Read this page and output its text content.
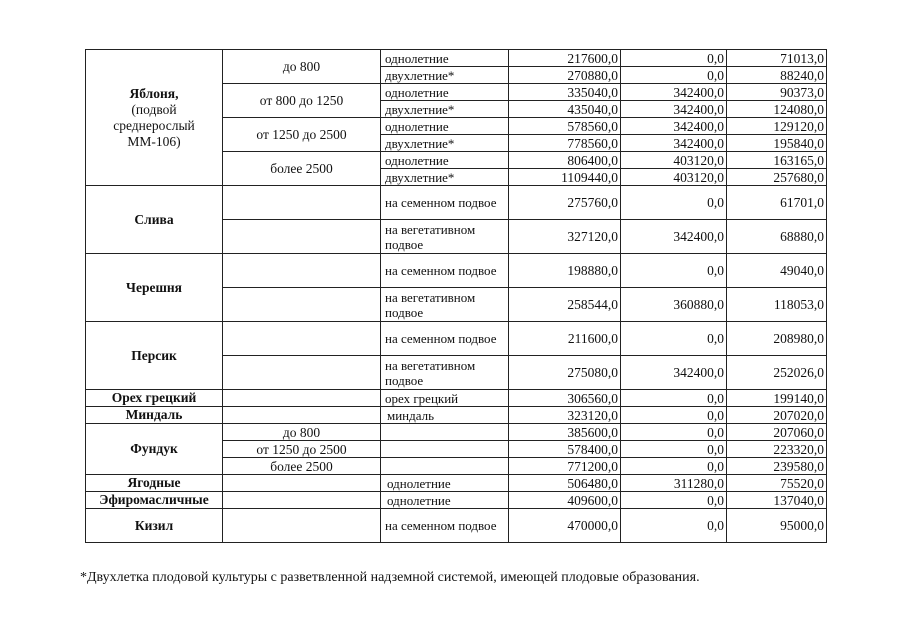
Яблоня,
(подвой
среднерослый
ММ-106)	до 800	однолетние	217600,0	0,0	71013,0
		двухлетние*	270880,0	0,0	88240,0
	от 800 до 1250	однолетние	335040,0	342400,0	90373,0
		двухлетние*	435040,0	342400,0	124080,0
	от 1250 до 2500	однолетние	578560,0	342400,0	129120,0
		двухлетние*	778560,0	342400,0	195840,0
	более 2500	однолетние	806400,0	403120,0	163165,0
		двухлетние*	1109440,0	403120,0	257680,0
Слива		на семенном подвое	275760,0	0,0	61701,0
		на вегетативном подвое	327120,0	342400,0	68880,0
Черешня		на семенном подвое	198880,0	0,0	49040,0
		на вегетативном подвое	258544,0	360880,0	118053,0
Персик		на семенном подвое	211600,0	0,0	208980,0
		на вегетативном подвое	275080,0	342400,0	252026,0
Орех грецкий		орех грецкий	306560,0	0,0	199140,0
Миндаль		миндаль	323120,0	0,0	207020,0
Фундук	до 800		385600,0	0,0	207060,0
	от 1250 до 2500		578400,0	0,0	223320,0
	более 2500		771200,0	0,0	239580,0
Ягодные		однолетние	506480,0	311280,0	75520,0
Эфиромасличные		однолетние	409600,0	0,0	137040,0
Кизил		на семенном подвое	470000,0	0,0	95000,0
*Двухлетка плодовой культуры с разветвленной надземной системой, имеющей плодовые образования.
